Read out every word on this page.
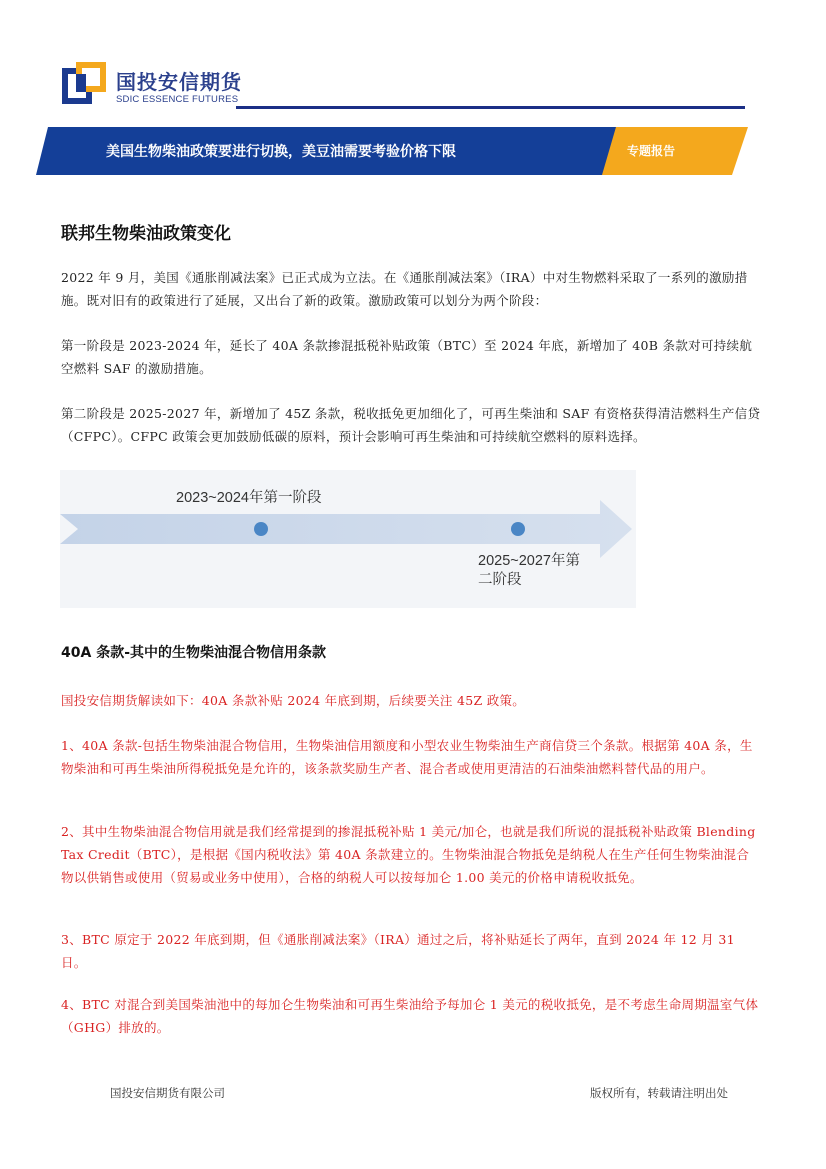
国投安信期货
SDIC ESSENCE FUTURES
美国生物柴油政策要进行切换，美豆油需要考验价格下限	专题报告
联邦生物柴油政策变化
2022 年 9 月，美国《通胀削减法案》已正式成为立法。在《通胀削减法案》（IRA）中对生物燃料采取了一系列的激励措施。既对旧有的政策进行了延展，又出台了新的政策。激励政策可以划分为两个阶段：
第一阶段是 2023-2024 年，延长了 40A 条款掺混抵税补贴政策（BTC）至 2024 年底，新增加了 40B 条款对可持续航空燃料 SAF 的激励措施。
第二阶段是 2025-2027 年，新增加了 45Z 条款，税收抵免更加细化了，可再生柴油和 SAF 有资格获得清洁燃料生产信贷（CFPC）。CFPC 政策会更加鼓励低碳的原料，预计会影响可再生柴油和可持续航空燃料的原料选择。
2023~2024年第一阶段
2025~2027年第二阶段
40A 条款-其中的生物柴油混合物信用条款
国投安信期货解读如下：40A 条款补贴 2024 年底到期，后续要关注 45Z 政策。
1、40A 条款-包括生物柴油混合物信用，生物柴油信用额度和小型农业生物柴油生产商信贷三个条款。根据第 40A 条，生物柴油和可再生柴油所得税抵免是允许的，该条款奖励生产者、混合者或使用更清洁的石油柴油燃料替代品的用户。
2、其中生物柴油混合物信用就是我们经常提到的掺混抵税补贴 1 美元/加仑，也就是我们所说的混抵税补贴政策 Blending Tax Credit（BTC），是根据《国内税收法》第 40A 条款建立的。生物柴油混合物抵免是纳税人在生产任何生物柴油混合物以供销售或使用（贸易或业务中使用），合格的纳税人可以按每加仑 1.00 美元的价格申请税收抵免。
3、BTC 原定于 2022 年底到期，但《通胀削减法案》（IRA）通过之后，将补贴延长了两年，直到 2024 年 12 月 31 日。
4、BTC 对混合到美国柴油池中的每加仑生物柴油和可再生柴油给予每加仑 1 美元的税收抵免，是不考虑生命周期温室气体（GHG）排放的。
国投安信期货有限公司	版权所有，转载请注明出处
